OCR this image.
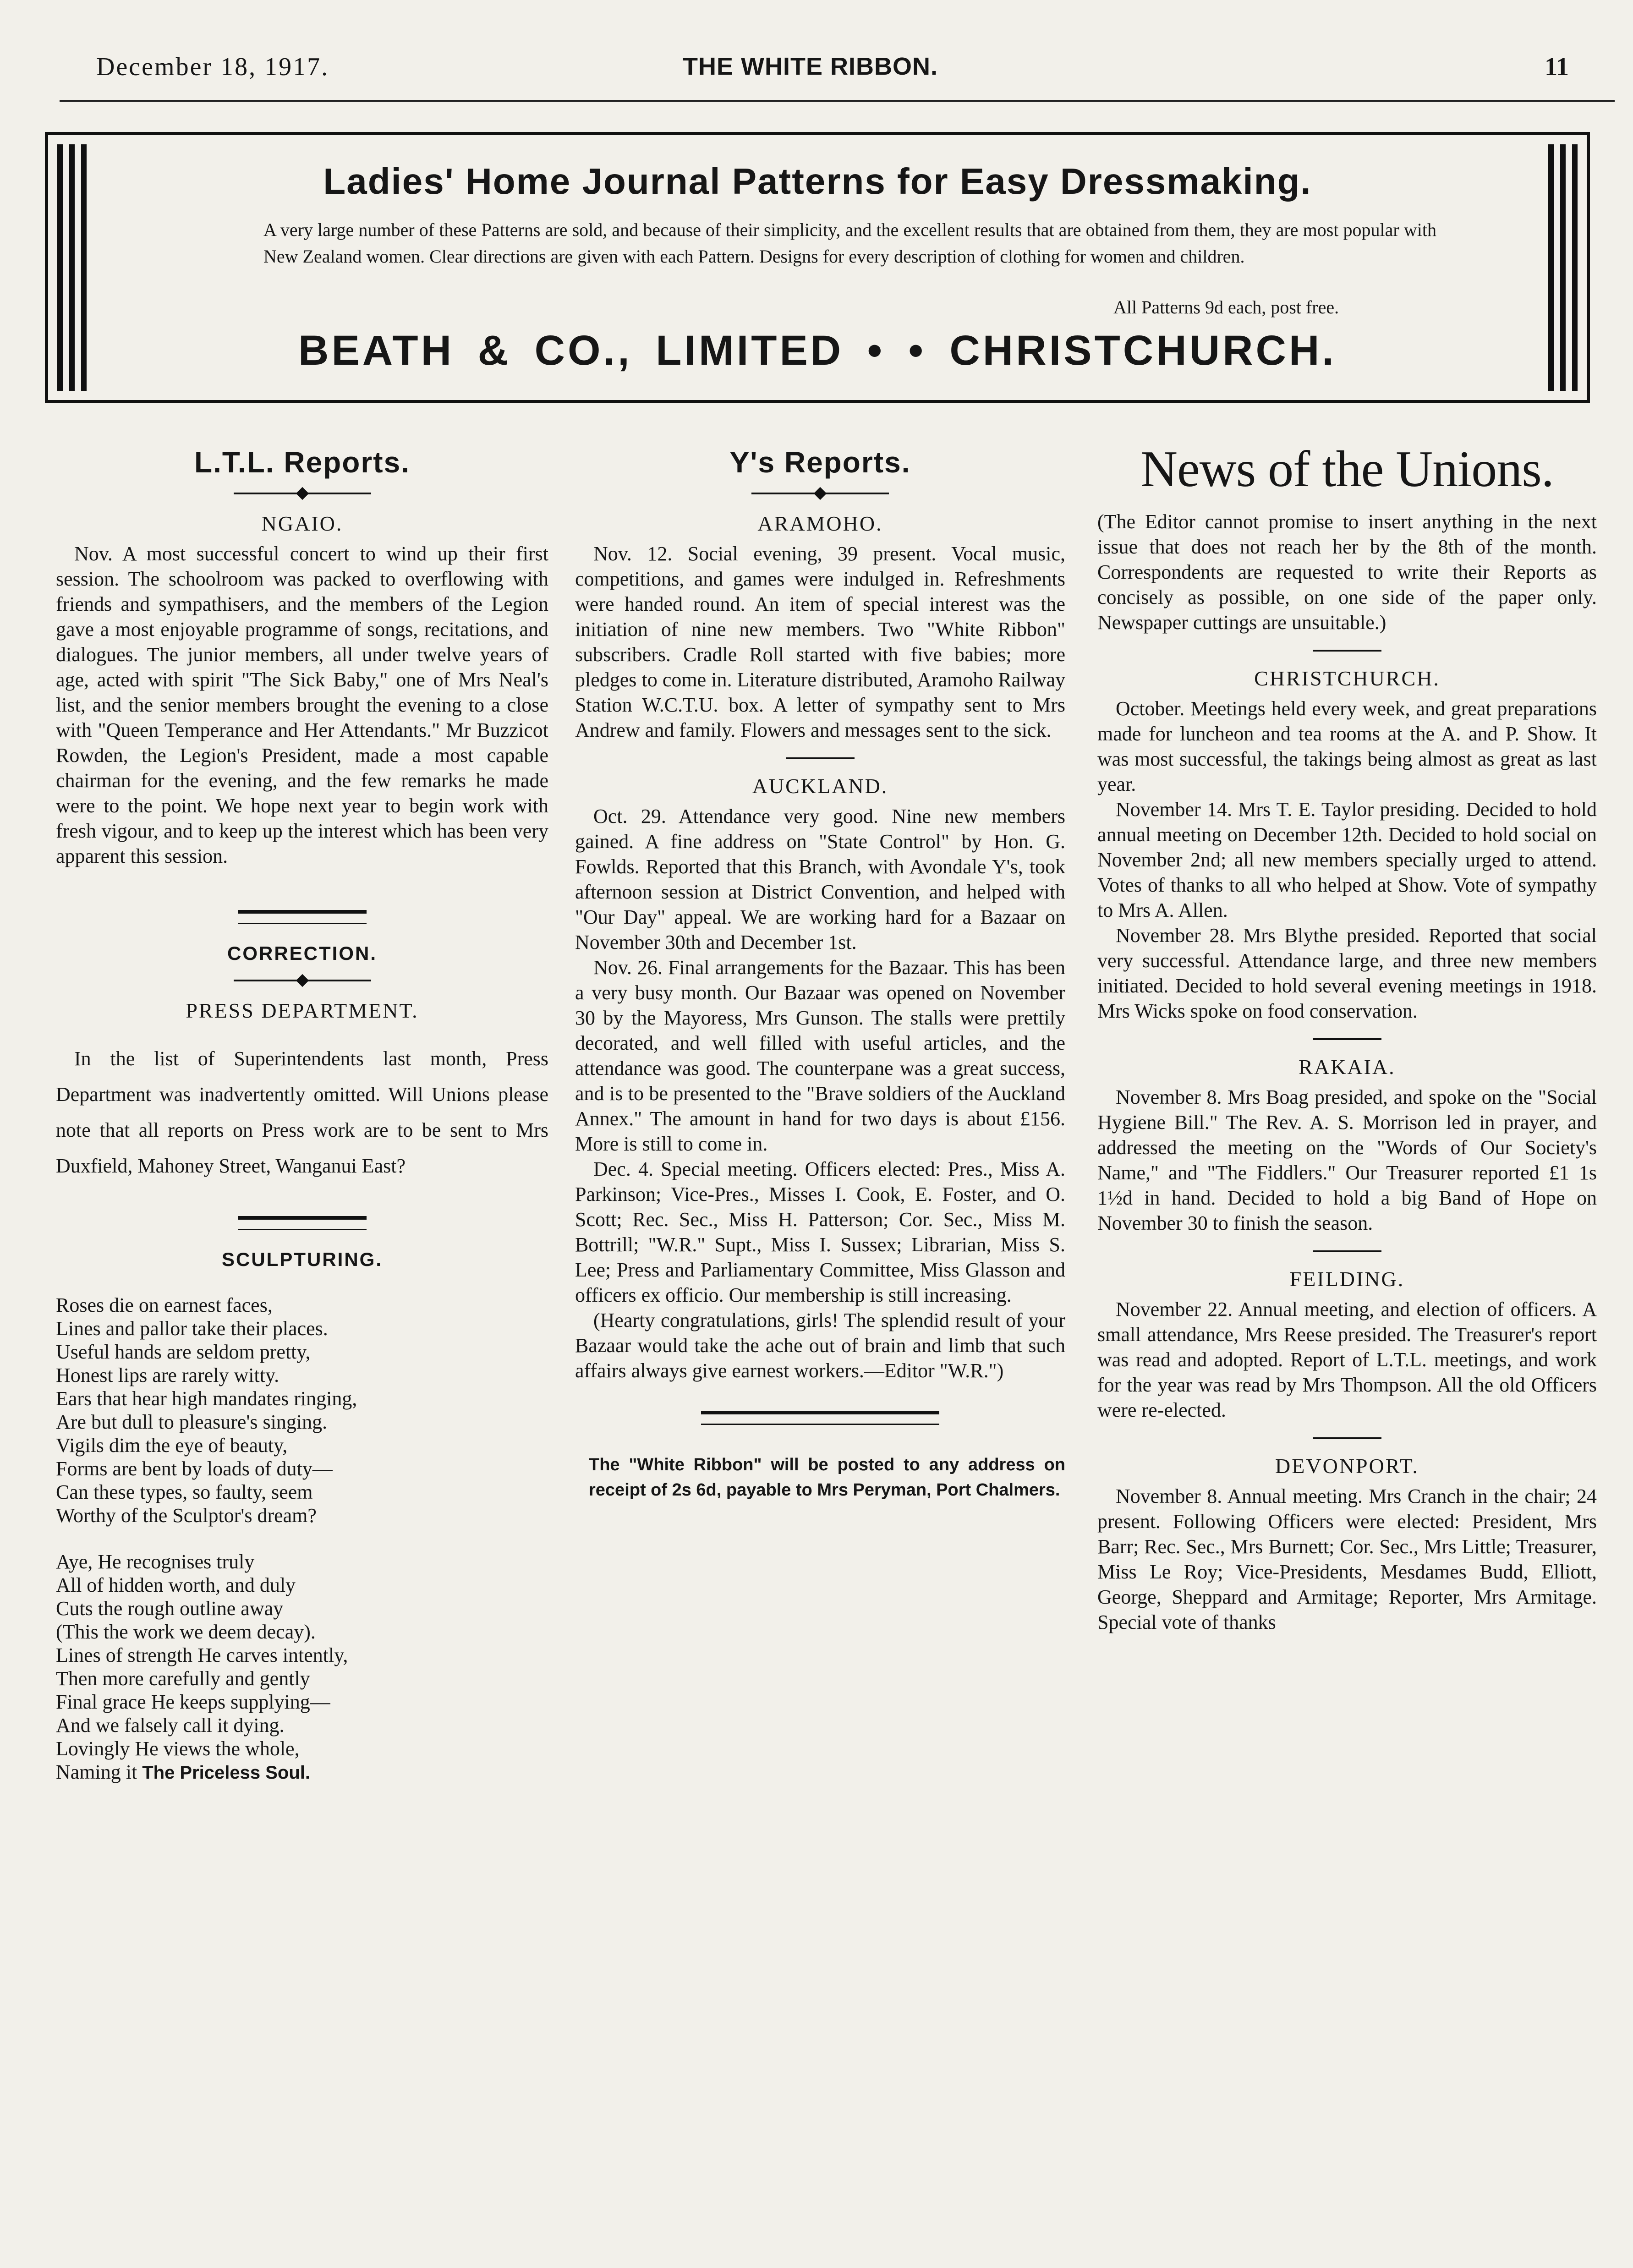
December 18, 1917.	THE WHITE RIBBON.	11
Ladies' Home Journal Patterns for Easy Dressmaking.
A very large number of these Patterns are sold, and because of their simplicity, and the excellent results that are obtained from them, they are most popular with New Zealand women. Clear directions are given with each Pattern. Designs for every description of clothing for women and children.
All Patterns 9d each, post free.
BEATH & CO., LIMITED • • CHRISTCHURCH.
L.T.L. Reports.
NGAIO.

Nov. A most successful concert to wind up their first session. The schoolroom was packed to overflowing with friends and sympathisers, and the members of the Legion gave a most enjoyable programme of songs, recitations, and dialogues. The junior members, all under twelve years of age, acted with spirit "The Sick Baby," one of Mrs Neal's list, and the senior members brought the evening to a close with "Queen Temperance and Her Attendants." Mr Buzzicot Rowden, the Legion's President, made a most capable chairman for the evening, and the few remarks he made were to the point. We hope next year to begin work with fresh vigour, and to keep up the interest which has been very apparent this session.

CORRECTION.
PRESS DEPARTMENT.

In the list of Superintendents last month, Press Department was inadvertently omitted. Will Unions please note that all reports on Press work are to be sent to Mrs Duxfield, Mahoney Street, Wanganui East?

SCULPTURING.

Roses die on earnest faces,

Lines and pallor take their places.

Useful hands are seldom pretty,

Honest lips are rarely witty.

Ears that hear high mandates ringing,

Are but dull to pleasure's singing.

Vigils dim the eye of beauty,

Forms are bent by loads of duty—

Can these types, so faulty, seem

Worthy of the Sculptor's dream?

Aye, He recognises truly

All of hidden worth, and duly

Cuts the rough outline away

(This the work we deem decay).

Lines of strength He carves intently,

Then more carefully and gently

Final grace He keeps supplying—

And we falsely call it dying.

Lovingly He views the whole,

Naming it The Priceless Soul.

Y's Reports.
ARAMOHO.

Nov. 12. Social evening, 39 present. Vocal music, competitions, and games were indulged in. Refreshments were handed round. An item of special interest was the initiation of nine new members. Two "White Ribbon" subscribers. Cradle Roll started with five babies; more pledges to come in. Literature distributed, Aramoho Railway Station W.C.T.U. box. A letter of sympathy sent to Mrs Andrew and family. Flowers and messages sent to the sick.

AUCKLAND.

Oct. 29. Attendance very good. Nine new members gained. A fine address on "State Control" by Hon. G. Fowlds. Reported that this Branch, with Avondale Y's, took afternoon session at District Convention, and helped with "Our Day" appeal. We are working hard for a Bazaar on November 30th and December 1st.

Nov. 26. Final arrangements for the Bazaar. This has been a very busy month. Our Bazaar was opened on November 30 by the Mayoress, Mrs Gunson. The stalls were prettily decorated, and well filled with useful articles, and the attendance was good. The counterpane was a great success, and is to be presented to the "Brave soldiers of the Auckland Annex." The amount in hand for two days is about £156. More is still to come in.

Dec. 4. Special meeting. Officers elected: Pres., Miss A. Parkinson; Vice-Pres., Misses I. Cook, E. Foster, and O. Scott; Rec. Sec., Miss H. Patterson; Cor. Sec., Miss M. Bottrill; "W.R." Supt., Miss I. Sussex; Librarian, Miss S. Lee; Press and Parliamentary Committee, Miss Glasson and officers ex officio. Our membership is still increasing.

(Hearty congratulations, girls! The splendid result of your Bazaar would take the ache out of brain and limb that such affairs always give earnest workers.—Editor "W.R.")

The "White Ribbon" will be posted to any address on receipt of 2s 6d, payable to Mrs Peryman, Port Chalmers.

News of the Unions.

(The Editor cannot promise to insert anything in the next issue that does not reach her by the 8th of the month. Correspondents are requested to write their Reports as concisely as possible, on one side of the paper only. Newspaper cuttings are unsuitable.)

CHRISTCHURCH.

October. Meetings held every week, and great preparations made for luncheon and tea rooms at the A. and P. Show. It was most successful, the takings being almost as great as last year.

November 14. Mrs T. E. Taylor presiding. Decided to hold annual meeting on December 12th. Decided to hold social on November 2nd; all new members specially urged to attend. Votes of thanks to all who helped at Show. Vote of sympathy to Mrs A. Allen.

November 28. Mrs Blythe presided. Reported that social very successful. Attendance large, and three new members initiated. Decided to hold several evening meetings in 1918. Mrs Wicks spoke on food conservation.

RAKAIA.

November 8. Mrs Boag presided, and spoke on the "Social Hygiene Bill." The Rev. A. S. Morrison led in prayer, and addressed the meeting on the "Words of Our Society's Name," and "The Fiddlers." Our Treasurer reported £1 1s 1½d in hand. Decided to hold a big Band of Hope on November 30 to finish the season.

FEILDING.

November 22. Annual meeting, and election of officers. A small attendance, Mrs Reese presided. The Treasurer's report was read and adopted. Report of L.T.L. meetings, and work for the year was read by Mrs Thompson. All the old Officers were re-elected.

DEVONPORT.

November 8. Annual meeting. Mrs Cranch in the chair; 24 present. Following Officers were elected: President, Mrs Barr; Rec. Sec., Mrs Burnett; Cor. Sec., Mrs Little; Treasurer, Miss Le Roy; Vice-Presidents, Mesdames Budd, Elliott, George, Sheppard and Armitage; Reporter, Mrs Armitage. Special vote of thanks
